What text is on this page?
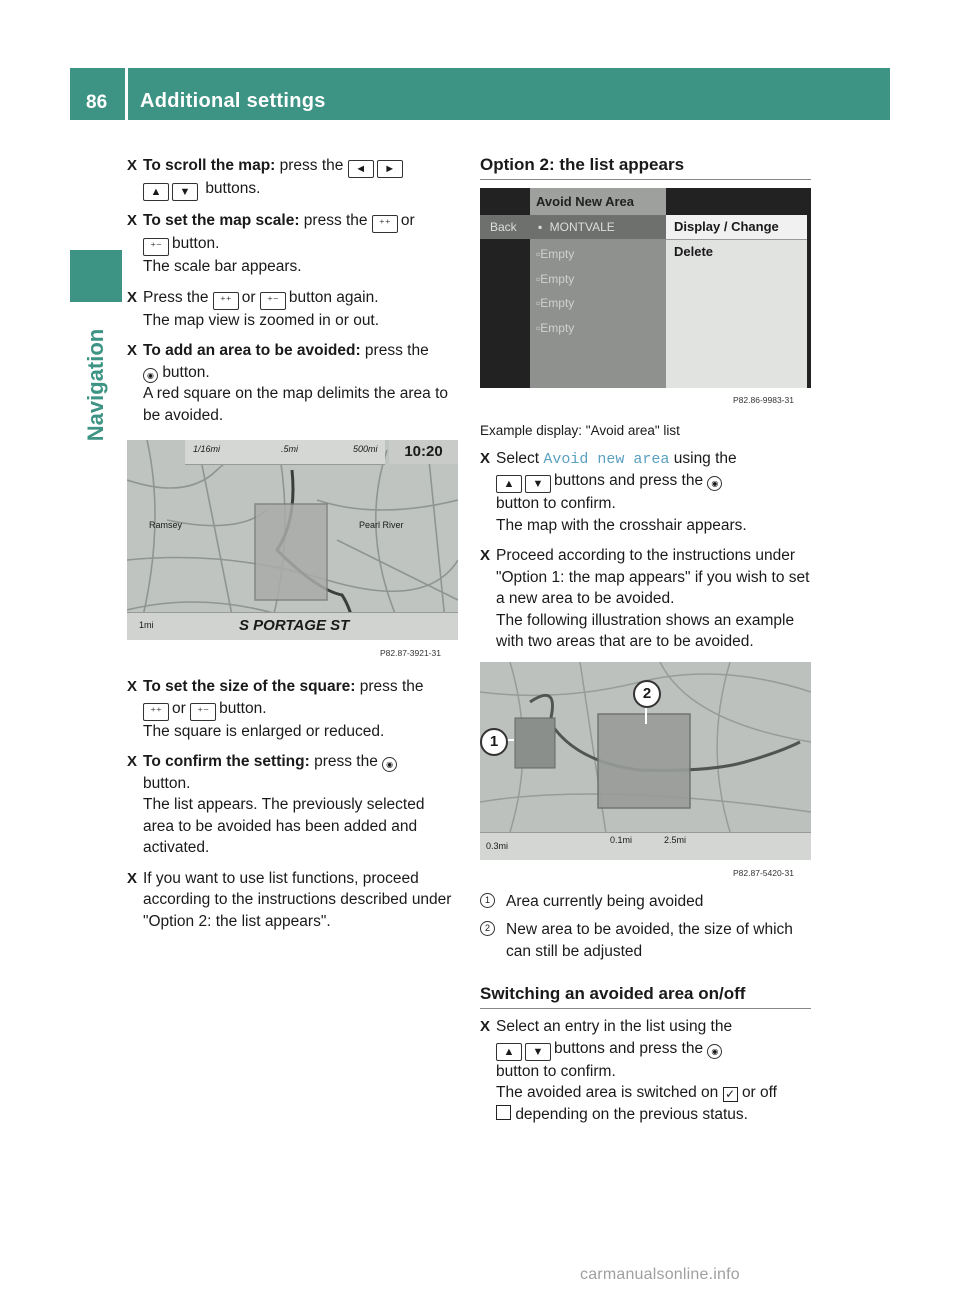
86 Additional settings
Navigation
X To scroll the map: press the ◄ ►
▲ ▼ buttons.
X To set the map scale: press the ⁺⁺ or
⁺⁻ button.
The scale bar appears.
X Press the ⁺⁺ or ⁺⁻ button again.
The map view is zoomed in or out.
X To add an area to be avoided: press the
◉ button.
A red square on the map delimits the area to be avoided.
1/16mi	.5mi	500mi	10:20
Ramsey	Pearl River
1mi	S PORTAGE ST
P82.87-3921-31
X To set the size of the square: press the
⁺⁺ or ⁺⁻ button.
The square is enlarged or reduced.
X To confirm the setting: press the ◉
button.
The list appears. The previously selected area to be avoided has been added and activated.
X If you want to use list functions, proceed according to the instructions described under "Option 2: the list appears".
Option 2: the list appears
Avoid New Area
Back ▪ MONTVALE
▫Empty
▫Empty
▫Empty
▫Empty
Display / Change
Delete
P82.86-9983-31
Example display: "Avoid area" list
X Select Avoid new area using the
▲ ▼ buttons and press the ◉
button to confirm.
The map with the crosshair appears.
X Proceed according to the instructions under "Option 1: the map appears" if you wish to set a new area to be avoided.
The following illustration shows an example with two areas that are to be avoided.
1
2
0.3mi
0.1mi	2.5mi
P82.87-5420-31
1	Area currently being avoided
2	New area to be avoided, the size of which can still be adjusted
Switching an avoided area on/off
X Select an entry in the list using the
▲ ▼ buttons and press the ◉
button to confirm.
The avoided area is switched on ✓ or off
depending on the previous status.
carmanualsonline.info
